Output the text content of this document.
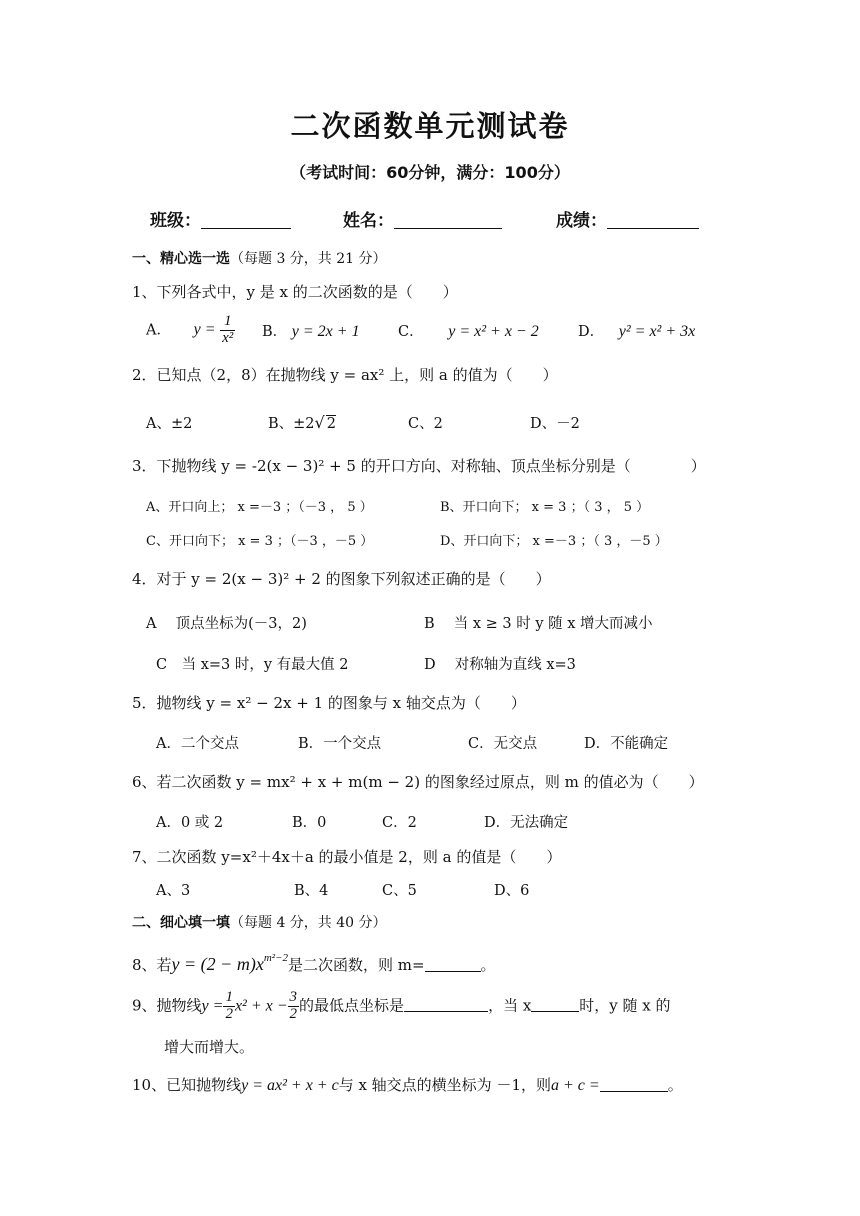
二次函数单元测试卷
（考试时间：60分钟，满分：100分）
班级：	姓名：	成绩：
一、精心选一选（每题 3 分，共 21 分）
1、下列各式中，y 是 x 的二次函数的是（　　）
A． $y = \frac{1}{\text{x²}}$ B． y = 2x + 1	C． y = x² + x − 2	D． y² = x² + 3x
2．已知点（2，8）在抛物线 y = ax² 上，则 a 的值为（　　）
A、±2	B、±2√ 2	C、2	D、－2
3．下抛物线 y = -2(x − 3)² + 5 的开口方向、对称轴、顶点坐标分别是（　　　　）
A、开口向上； x =－3 ；（－3 ， 5 ）	B、开口向下； x = 3 ；（ 3 ， 5 ）
C、开口向下； x = 3 ；（－3 ，－5 ）	D、开口向下； x =－3 ；（ 3 ，－5 ）
4．对于 y = 2(x − 3)² + 2 的图象下列叙述正确的是（　　）
A　 顶点坐标为(－3，2)	B　 当 x ≥ 3 时 y 随 x 增大而减小
C　当 x=3 时，y 有最大值 2	D　 对称轴为直线 x=3
5．抛物线 y = x² − 2x + 1 的图象与 x 轴交点为（　　）
A．二个交点	B．一个交点	C．无交点	D．不能确定
6、若二次函数 y = mx² + x + m(m − 2) 的图象经过原点，则 m 的值必为（　　）
A．0 或 2	B．0	C．2	D．无法确定
7、二次函数 y=x²＋4x＋a 的最小值是 2，则 a 的值是（　　）
A、3	B、4	C、5	D、6
二、细心填一填（每题 4 分，共 40 分）
8、若$y = (2 - m)x^{m^2-2}$是二次函数，则 m=	。
9、抛物线$y = \frac{1}{2} x^2 + x - \frac{3}{2}$ 的最低点坐标是	，当 x	时，y 随 x 的
增大而增大。
10、已知抛物线y = ax² + x + c与 x 轴交点的横坐标为 －1，则a + c =	。
